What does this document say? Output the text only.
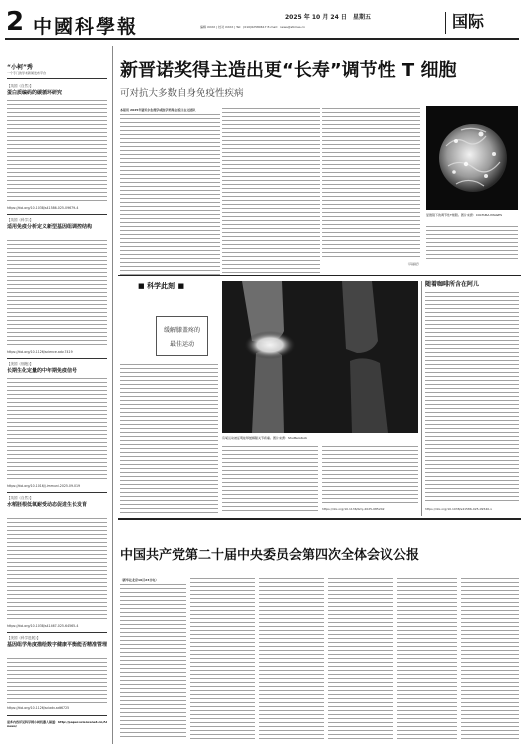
2 中國科學報	2025 年 10 月 24 日 星期五
编辑 XXXX | 校对 XXXX | Tel：(010)62580617 E-mail：news@stimes.cn	国际
“小柯”秀
一个专门的学术新闻发布平台
【英国《自然》】
蛋白质编码的碳循环研究
https://doi.org/10.1038/s41586-025-09679-4
【英国《科学》】
适用免疫分析定义新型基因组调控结构
https://doi.org/10.1126/science.adv.7419
【美国《细胞》】
长期生化定量的中年期免疫信号
https://doi.org/10.1016/j.immuni.2025.09.019
【英国《自然》】
水稻胚根低氧耐受动态促进生长发育
https://doi.org/10.1038/s41467-025-64565-4
【美国《科学进展》】
基因组学角度描绘数字健康平衡能否精准管理
https://doi.org/10.1126/sciadv.adt6725
更多内容详见科学网小柯机器人频道：http://paper.sciencenet.cn/AInews/
新晋诺奖得主造出更“长寿”调节性 T 细胞
可对抗大多数自身免疫性疾病
本报讯 2025年诺贝尔生理学或医学奖得主坂口志文团队
（冯丽妃）
显微镜下的调节性T细胞。图片来源：CULTURA IMAGES
■ 科学此刻 ■
缓解膝盖疼的
最佳运动
有氧运动被证明能够缓解膝关节疼痛。图片来源：Shutterstock
https://doi.org/10.1136/bmj-2025-085242
随着咖啡所含在阿儿
https://doi.org/10.1038/s41586-025-09540-x
中国共产党第二十届中央委员会第四次全体会议公报
（新华社北京10月23日电）
